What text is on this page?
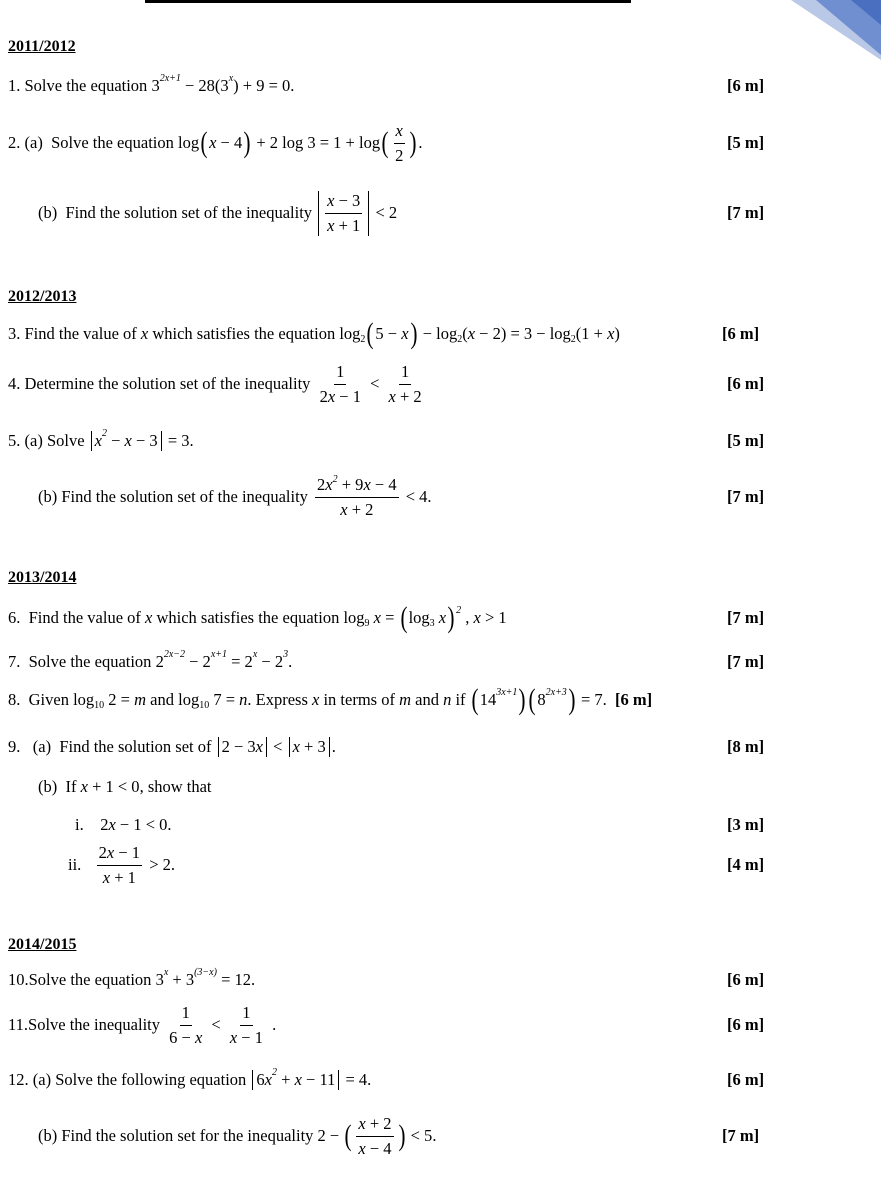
2011/2012
2012/2013
2013/2014
2014/2015
1. Solve the equation 3 2x+1 − 28(3 x ) + 9 = 0 .	[6 m]
2. (a)  Solve the equation log ( x − 4 ) + 2 log 3 = 1 + log ( $\frac{x}{2}$ ) .	[5 m]
(b)  Find the solution set of the inequality $\frac{x - 3}{x + 1} < 2$	[7 m]
3. Find the value of x which satisfies the equation log 2 ( 5 − x ) − log 2 ( x − 2) = 3 − log 2 (1 + x )	[6 m]
4. Determine the solution set of the inequality $\frac{1}{2x - 1} < \frac{1}{x + 2}$	[6 m]
5. (a) Solve x 2 − x − 3 = 3 .	[5 m]
(b) Find the solution set of the inequality $\frac{2x^2 + 9x - 4}{x + 2} < 4$ .	[7 m]
6.  Find the value of x which satisfies the equation log 9 x = ( log 3 x ) 2 , x > 1	[7 m]
7.  Solve the equation 2 2x−2 − 2 x+1 = 2 x − 2 3 .	[7 m]
8.  Given log 10 2 = m and log 10 7 = n . Express x in terms of m and n if ( 14 3x+1 ) ( 8 2x+3 ) = 7 . [6 m]
9.   (a)  Find the solution set of 2 − 3 x < x + 3 .	[8 m]
(b)  If x + 1 < 0 , show that
i. 2 x − 1 < 0 .	[3 m]
ii. $\frac{2x - 1}{x + 1} > 2$ .	[4 m]
10.Solve the equation 3 x + 3 (3−x) = 12 .	[6 m]
11.Solve the inequality $\frac{1}{6 - x} < \frac{1}{x - 1}$ .	[6 m]
12. (a) Solve the following equation 6 x 2 + x − 11 = 4 .	[6 m]
(b) Find the solution set for the inequality 2 − ( $\frac{x + 2}{x - 4}$ ) < 5 .	[7 m]
